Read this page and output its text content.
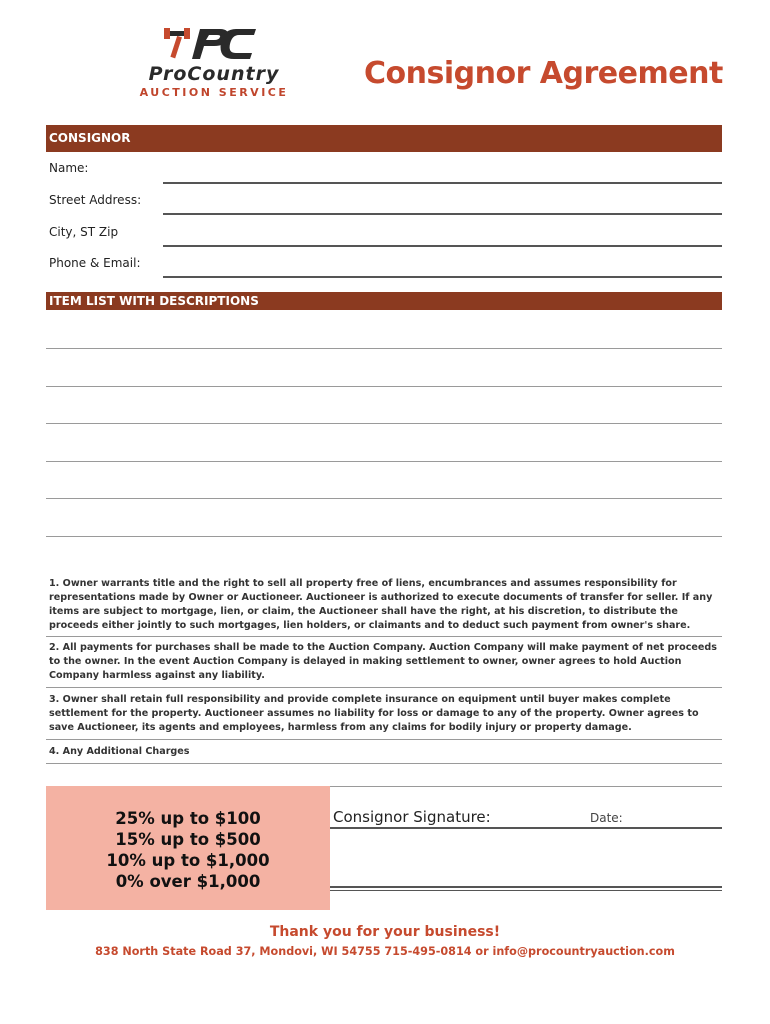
ProCountry
AUCTION SERVICE
Consignor Agreement
CONSIGNOR
Name:
Street Address:
City, ST Zip
Phone & Email:
ITEM LIST WITH DESCRIPTIONS
1. Owner warrants title and the right to sell all property free of liens, encumbrances and assumes responsibility for representations made by Owner or Auctioneer. Auctioneer is authorized to execute documents of transfer for seller. If any items are subject to mortgage, lien, or claim, the Auctioneer shall have the right, at his discretion, to distribute the proceeds either jointly to such mortgages, lien holders, or claimants and to deduct such payment from owner's share.
2. All payments for purchases shall be made to the Auction Company. Auction Company will make payment of net proceeds to the owner. In the event Auction Company is delayed in making settlement to owner, owner agrees to hold Auction Company harmless against any liability.
3. Owner shall retain full responsibility and provide complete insurance on equipment until buyer makes complete settlement for the property. Auctioneer assumes no liability for loss or damage to any of the property. Owner agrees to save Auctioneer, its agents and employees, harmless from any claims for bodily injury or property damage.
4. Any Additional Charges
25% up to $100
15% up to $500
10% up to $1,000
0% over $1,000
Consignor Signature:	Date:
Thank you for your business!
838 North State Road 37, Mondovi, WI 54755 715-495-0814 or info@procountryauction.com
